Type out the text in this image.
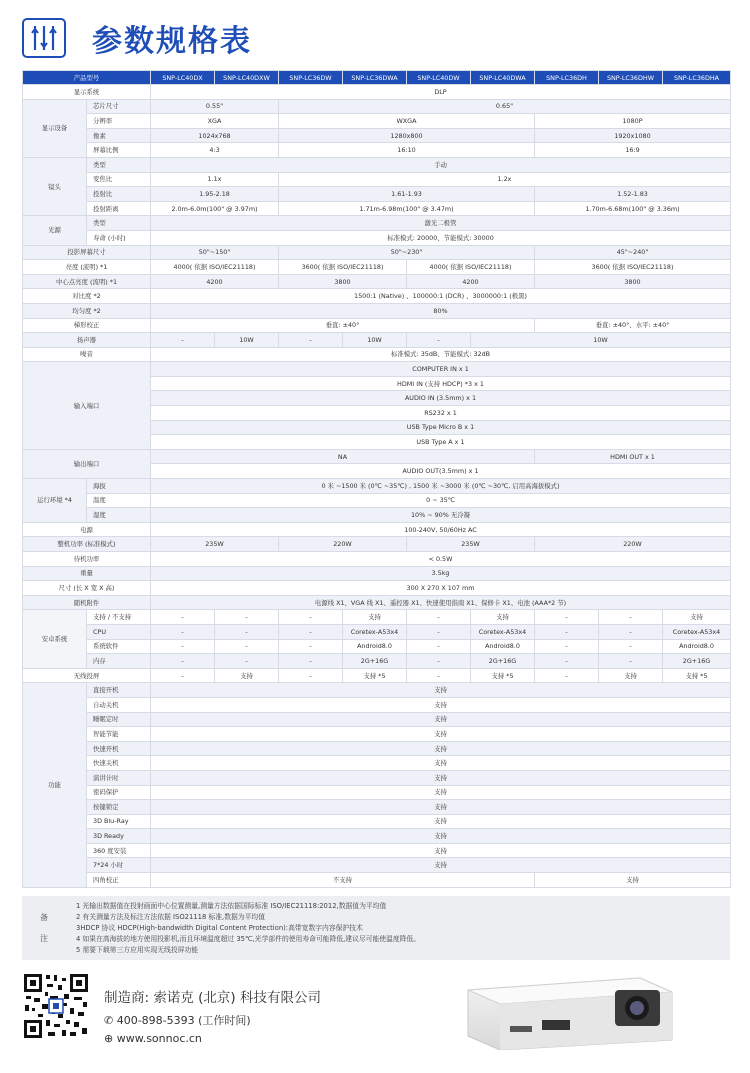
参数规格表
产品型号		SNP-LC40DX	SNP-LC40DXW	SNP-LC36DW	SNP-LC36DWA	SNP-LC40DW	SNP-LC40DWA	SNP-LC36DH	SNP-LC36DHW	SNP-LC36DHA
显示系统		DLP								
显示设备	芯片尺寸	0.55"		0.65"						
	分辨率	XGA		WXGA				1080P		
	像素	1024x768		1280x800				1920x1080		
	屏幕比例	4:3		16:10				16:9		
镜头	类型	手动								
	变焦比	1.1x		1.2x						
	投射比	1.95-2.18		1.61-1.93				1.52-1.83		
	投射距离	2.0m-6.0m(100" @ 3.97m)		1.71m-6.98m(100" @ 3.47m)				1.70m-6.68m(100" @ 3.36m)		
光源	类型	激光二极管								
	寿命 (小时)	标准模式: 20000、节能模式: 30000								
投影屏幕尺寸		50"~150"		50"~230"				45"~240"		
亮度 (流明) *1		4000( 依据 ISO/IEC21118)		3600( 依据 ISO/IEC21118)		4000( 依据 ISO/IEC21118)		3600( 依据 ISO/IEC21118)		
中心点亮度 (流明) *1		4200		3800		4200		3800		
对比度 *2		1500:1 (Native) 、100000:1 (DCR) 、3000000:1 (极黑)								
均匀度 *2		80%								
梯形校正		垂直: ±40°						垂直: ±40°、水平: ±40°		
扬声器		-	10W	-	10W	-	10W			
噪音		标准模式: 35dB、节能模式: 32dB								
输入端口		COMPUTER IN x 1								
		HDMI IN (支持 HDCP) *3 x 1								
		AUDIO IN (3.5mm) x 1								
		RS232 x 1								
		USB Type Micro B x 1								
		USB Type A x 1								
输出端口		NA						HDMI OUT x 1		
		AUDIO OUT(3.5mm) x 1								
运行环境 *4	海拔	0 米 ~1500 米 (0℃ ~35℃) , 1500 米 ~3000 米 (0℃ ~30℃, 启用高海拔模式)								
	温度	0 ~ 35℃								
	湿度	10% ~ 90% 无冷凝								
电源		100-240V, 50/60Hz AC								
整机功率 (标准模式)		235W		220W		235W		220W		
待机功率		< 0.5W								
重量		3.5kg								
尺寸 (长 X 宽 X 高)		300 X 270 X 107 mm								
随机附件		电源线 X1、VGA 线 X1、遥控器 X1、快速使用指南 X1、保修卡 X1、电池 (AAA*2 节)								
安卓系统	支持 / 不支持	-	-	-	支持	-	支持	-	-	支持
	CPU	-	-	-	Coretex-A53x4	-	Coretex-A53x4	-	-	Coretex-A53x4
	系统软件	-	-	-	Android8.0	-	Android8.0	-	-	Android8.0
	内存	-	-	-	2G+16G	-	2G+16G	-	-	2G+16G
无线投屏		-	支持	-	支持 *5	-	支持 *5	-	支持	支持 *5
功能	直接开机	支持								
	自动关机	支持								
	睡眠定时	支持								
	智能节能	支持								
	快速开机	支持								
	快速关机	支持								
	演讲计时	支持								
	密码保护	支持								
	按键锁定	支持								
	3D Blu-Ray	支持								
	3D Ready	支持								
	360 度安装	支持								
	7*24 小时	支持								
	四角校正	不支持						支持		
备
注
1 光输出数据值在投射画面中心位置测量,测量方法依据国际标准 ISO/IEC21118:2012,数据值为平均值
2 有关测量方法及标注方法依据 ISO21118 标准,数据为平均值
3HDCP 协议 HDCP(High-bandwidth Digital Content Protection):高带宽数字内容保护技术
4 如果在高海拔的地方使用投影机,而且环境温度超过 35℃,光学部件的使用寿命可能降低,建议尽可能使温度降低。
5 需要下载第三方应用实现无线投屏功能
制造商: 索诺克 (北京) 科技有限公司
✆ 400-898-5393 (工作时间)
⊕ www.sonnoc.cn
